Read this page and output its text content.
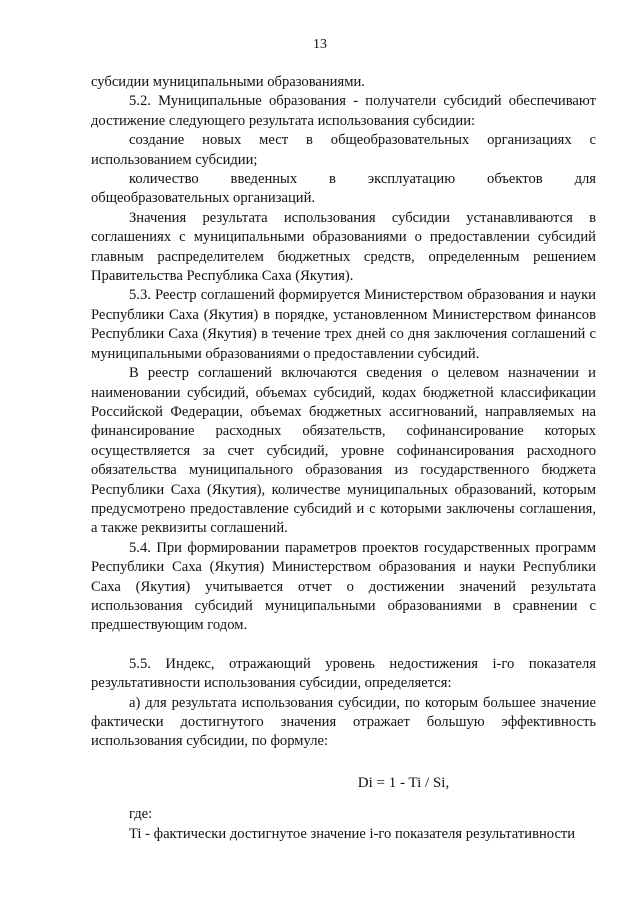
13

субсидии муниципальными образованиями.

5.2. Муниципальные образования - получатели субсидий обеспечивают достижение следующего результата использования субсидии:

создание новых мест в общеобразовательных организациях с использованием субсидии;

количество введенных в эксплуатацию объектов для общеобразовательных организаций.

Значения результата использования субсидии устанавливаются в соглашениях с муниципальными образованиями о предоставлении субсидий главным распределителем бюджетных средств, определенным решением Правительства Республика Саха (Якутия).

5.3. Реестр соглашений формируется Министерством образования и науки Республики Саха (Якутия) в порядке, установленном Министерством финансов Республики Саха (Якутия) в течение трех дней со дня заключения соглашений с муниципальными образованиями о предоставлении субсидий.

В реестр соглашений включаются сведения о целевом назначении и наименовании субсидий, объемах субсидий, кодах бюджетной классификации Российской Федерации, объемах бюджетных ассигнований, направляемых на финансирование расходных обязательств, софинансирование которых осуществляется за счет субсидий, уровне софинансирования расходного обязательства муниципального образования из государственного бюджета Республики Саха (Якутия), количестве муниципальных образований, которым предусмотрено предоставление субсидий и с которыми заключены соглашения, а также реквизиты соглашений.

5.4. При формировании параметров проектов государственных программ Республики Саха (Якутия) Министерством образования и науки Республики Саха (Якутия) учитывается отчет о достижении значений результата использования субсидий муниципальными образованиями в сравнении с предшествующим годом.

5.5. Индекс, отражающий уровень недостижения i-го показателя результативности использования субсидии, определяется:

а) для результата использования субсидии, по которым большее значение фактически достигнутого значения отражает большую эффективность использования субсидии, по формуле:

Di = 1 - Ti / Si,

где:

Ti - фактически достигнутое значение i-го показателя результативности
